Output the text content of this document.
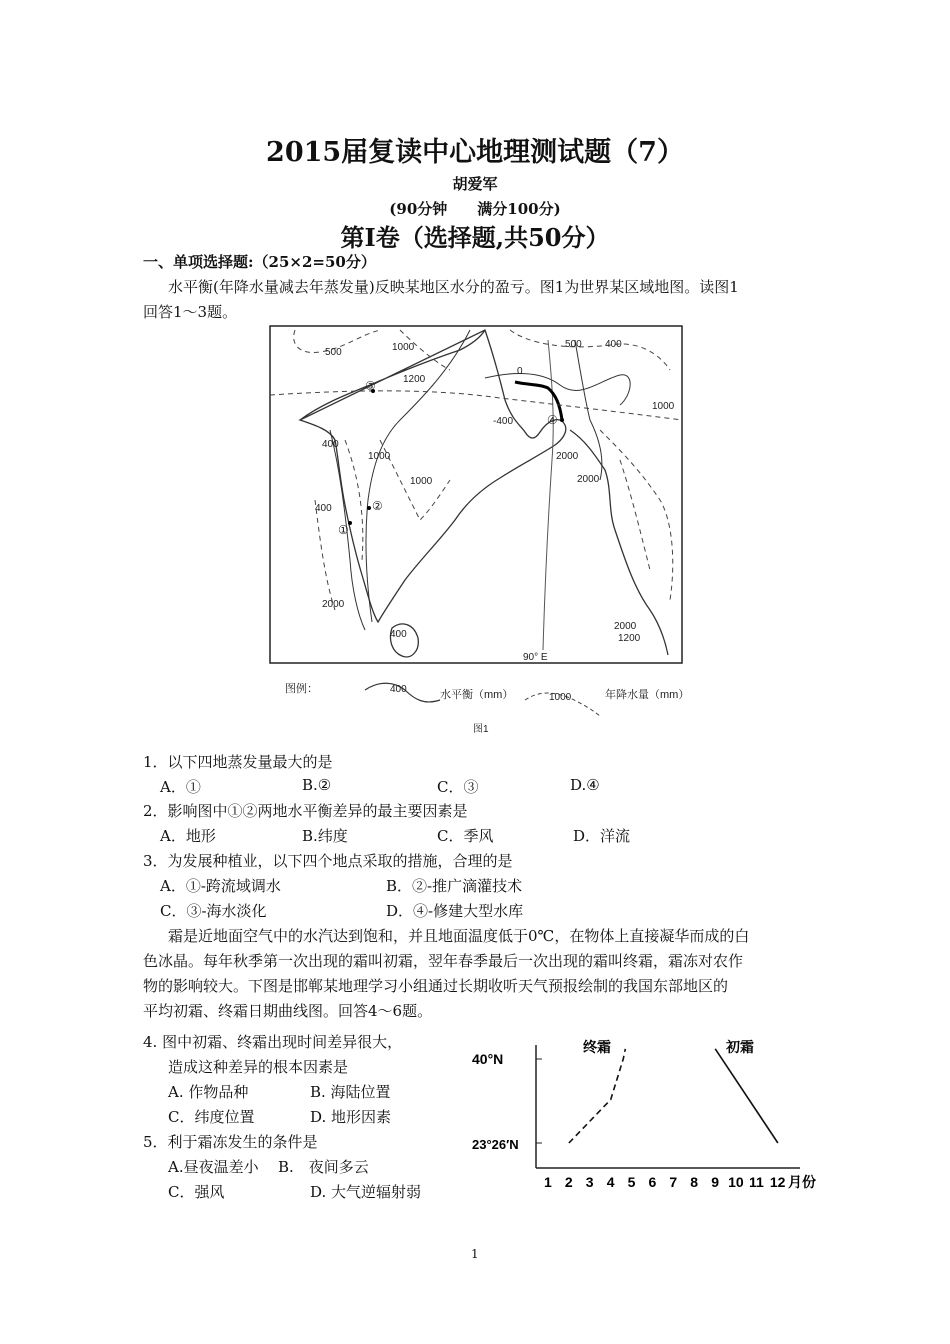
2015届复读中心地理测试题（7）
胡爱军
(90分钟　　满分100分)
第Ⅰ卷（选择题,共50分）
一、单项选择题:（25×2=50分）
水平衡(年降水量减去年蒸发量)反映某地区水分的盈亏。图1为世界某区域地图。读图1
回答1～3题。
500	1000
1200
③
400
1000
1000
400	②
①
2000
400
0
-400	④
500 400
1000
2000
2000
2000
1200
90° E
图例：	400	水平衡（mm）	1000	年降水量（mm）
图1
1．以下四地蒸发量最大的是
A．①	B.②	C．③	D.④
2．影响图中①②两地水平衡差异的最主要因素是
A．地形	B.纬度	C．季风	D．洋流
3．为发展种植业，以下四个地点采取的措施，合理的是
A．①-跨流域调水	B．②-推广滴灌技术
C．③-海水淡化	D．④-修建大型水库
霜是近地面空气中的水汽达到饱和，并且地面温度低于0℃，在物体上直接凝华而成的白
色冰晶。每年秋季第一次出现的霜叫初霜，翌年春季最后一次出现的霜叫终霜，霜冻对农作
物的影响较大。下图是邯郸某地理学习小组通过长期收听天气预报绘制的我国东部地区的
平均初霜、终霜日期曲线图。回答4～6题。
4. 图中初霜、终霜出现时间差异很大，
造成这种差异的根本因素是
A. 作物品种	B. 海陆位置
C．纬度位置	D. 地形因素
5．利于霜冻发生的条件是
A.昼夜温差小 B.　夜间多云
C．强风	D. 大气逆辐射弱
40°N
23°26′N
终霜	初霜
1 2 3 4 5 6 7 8 9 10 11 12 月份
1
